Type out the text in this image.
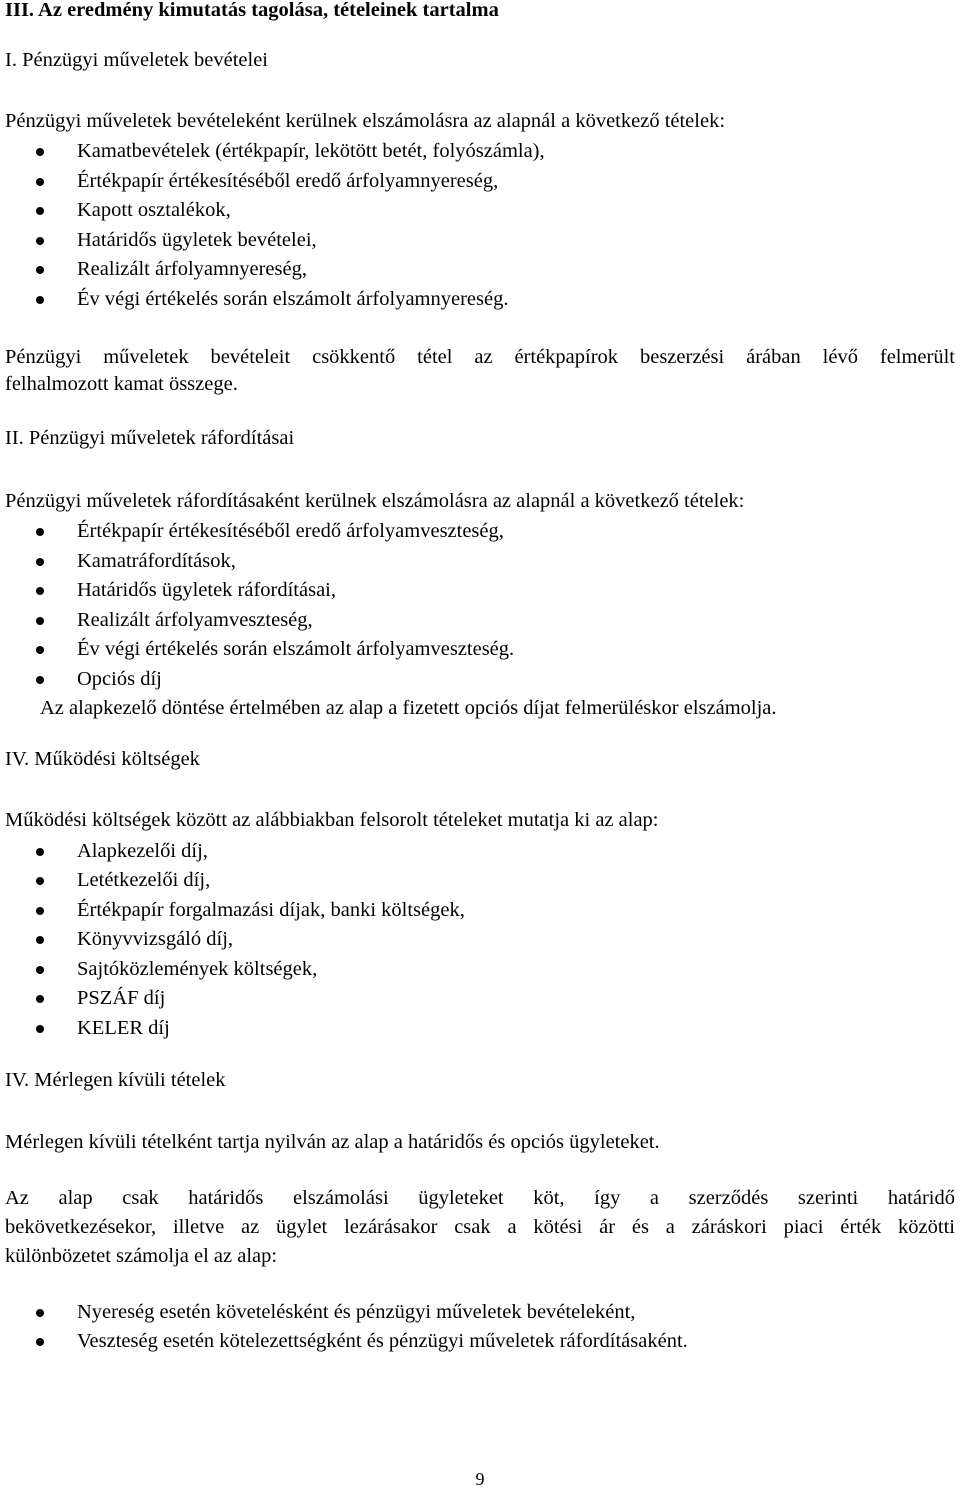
III. Az eredmény kimutatás tagolása, tételeinek tartalma

I. Pénzügyi műveletek bevételei

Pénzügyi műveletek bevételeként kerülnek elszámolásra az alapnál a következő tételek:

Kamatbevételek (értékpapír, lekötött betét, folyószámla),

Értékpapír értékesítéséből eredő árfolyamnyereség,

Kapott osztalékok,

Határidős ügyletek bevételei,

Realizált árfolyamnyereség,

Év végi értékelés során elszámolt árfolyamnyereség.

Pénzügyi műveletek bevételeit csökkentő tétel az értékpapírok beszerzési árában lévő felmerült

felhalmozott kamat összege.

II. Pénzügyi műveletek ráfordításai

Pénzügyi műveletek ráfordításaként kerülnek elszámolásra az alapnál a következő tételek:

Értékpapír értékesítéséből eredő árfolyamveszteség,

Kamatráfordítások,

Határidős ügyletek ráfordításai,

Realizált árfolyamveszteség,

Év végi értékelés során elszámolt árfolyamveszteség.

Opciós díj

Az alapkezelő döntése értelmében az alap a fizetett opciós díjat felmerüléskor elszámolja.

IV. Működési költségek

Működési költségek között az alábbiakban felsorolt tételeket mutatja ki az alap:

Alapkezelői díj,

Letétkezelői díj,

Értékpapír forgalmazási díjak, banki költségek,

Könyvvizsgáló díj,

Sajtóközlemények költségek,

PSZÁF díj

KELER díj

IV. Mérlegen kívüli tételek

Mérlegen kívüli tételként tartja nyilván az alap a határidős és opciós ügyleteket.

Az alap csak határidős elszámolási ügyleteket köt, így a szerződés szerinti határidő

bekövetkezésekor, illetve az ügylet lezárásakor csak a kötési ár és a záráskori piaci érték közötti

különbözetet számolja el az alap:

Nyereség esetén követelésként és pénzügyi műveletek bevételeként,

Veszteség esetén kötelezettségként és pénzügyi műveletek ráfordításaként.

9
